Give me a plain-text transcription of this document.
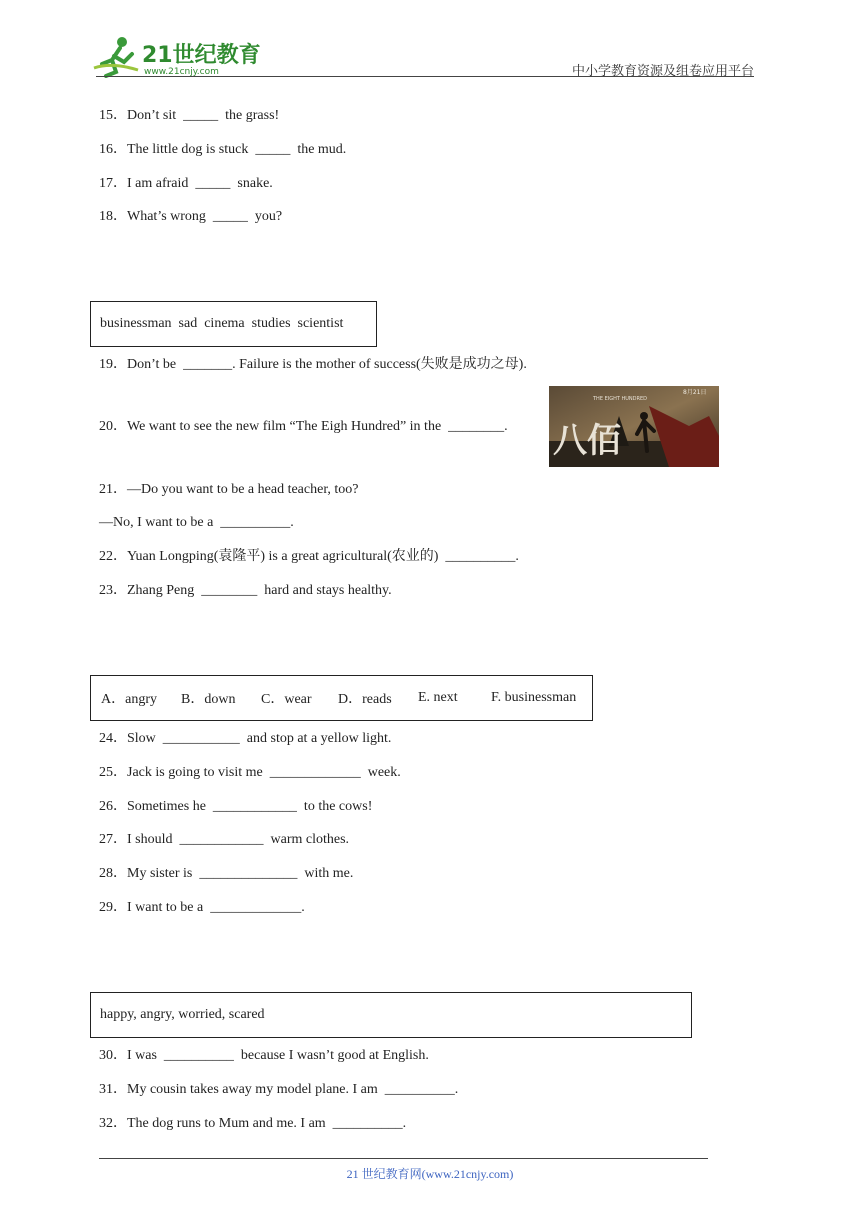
21世纪教育
www.21cnjy.com	中小学教育资源及组卷应用平台
15．Don’t sit  _____  the grass!
16．The little dog is stuck  _____  the mud.
17．I am afraid  _____  snake.
18．What’s wrong  _____  you?
businessman  sad  cinema  studies  scientist
19．Don’t be  _______. Failure is the mother of success(失败是成功之母).
20．We want to see the new film “The Eigh Hundred” in the  ________. 八佰
THE EIGHT HUNDRED
8月21日
21．—Do you want to be a head teacher, too?
—No, I want to be a  __________.
22．Yuan Longping(袁隆平) is a great agricultural(农业的)  __________.
23．Zhang Peng  ________  hard and stays healthy.
A．angry	B．down	C．wear	D．reads	E. next	F. businessman
24．Slow  ___________  and stop at a yellow light.
25．Jack is going to visit me  _____________  week.
26．Sometimes he  ____________  to the cows!
27．I should  ____________  warm clothes.
28．My sister is  ______________  with me.
29．I want to be a  _____________.
happy, angry, worried, scared
30．I was  __________  because I wasn’t good at English.
31．My cousin takes away my model plane. I am  __________.
32．The dog runs to Mum and me. I am  __________.
21 世纪教育网(www.21cnjy.com)
